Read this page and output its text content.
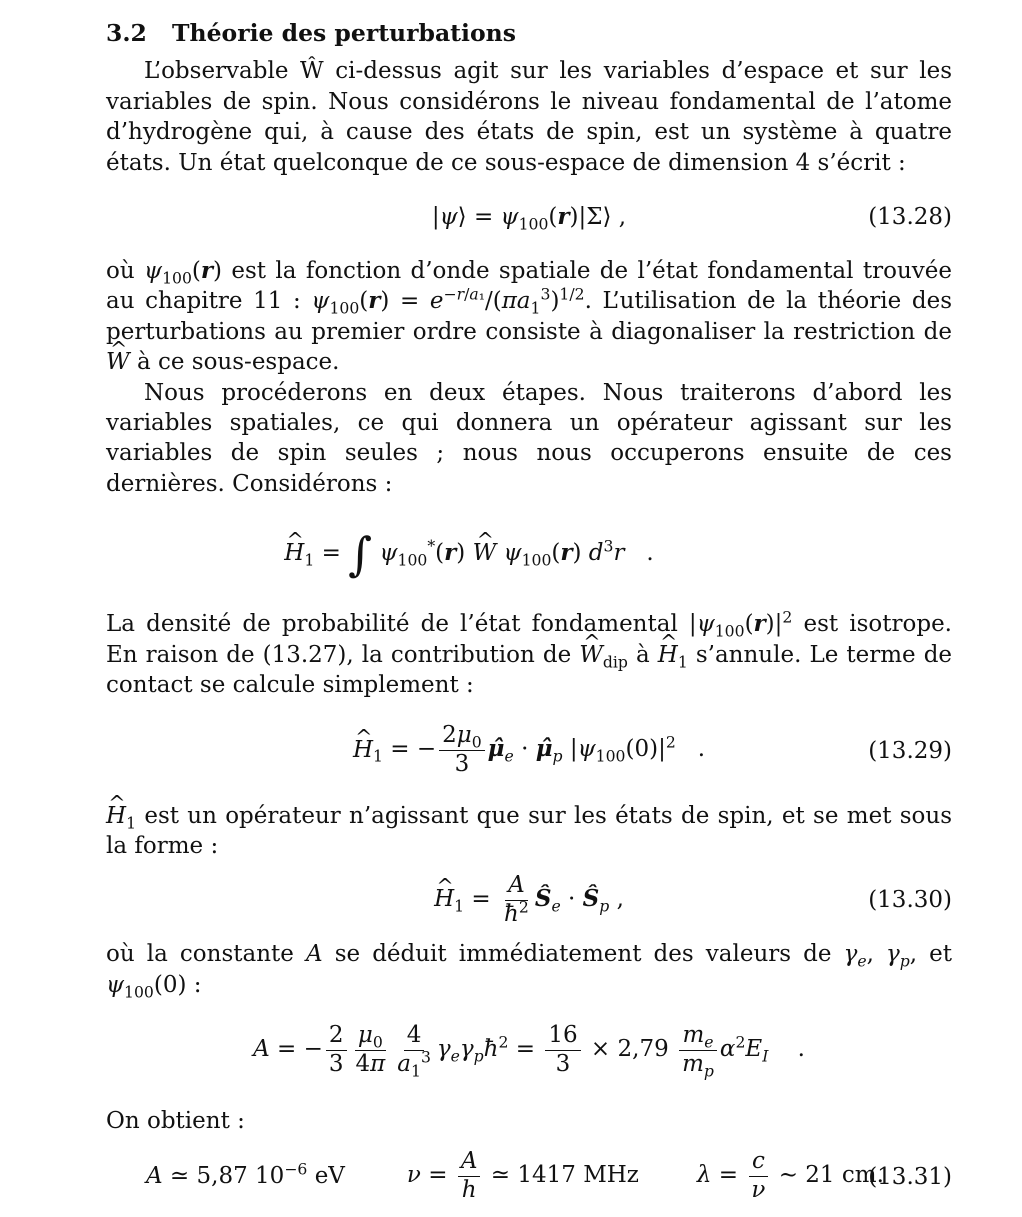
3.2 Théorie des perturbations

L’observable Ŵ ci-dessus agit sur les variables d’espace et sur les variables de spin. Nous considérons le niveau fondamental de l’atome d’hydrogène qui, à cause des états de spin, est un système à quatre états. Un état quelconque de ce sous-espace de dimension 4 s’écrit :

|ψ⟩ = $\psi_{100}(r)|\Sigma⟩$ ,	(13.28)

où $\psi_{100}(r)$ est la fonction d’onde spatiale de l’état fondamental trouvée au chapitre 11 : $\psi_{100}(r) = e^{-r/a_1}/(\pi a_1^3)^{1/2}$. L’utilisation de la théorie des perturbations au premier ordre consiste à diagonaliser la restriction de ^ W à ce sous-espace.

Nous procéderons en deux étapes. Nous traiterons d’abord les variables spatiales, ce qui donnera un opérateur agissant sur les variables de spin seules ; nous nous occuperons ensuite de ces dernières. Considérons :

^ $H_1$ = ∫ $\psi_{100}^*(r)$ ^ W $\psi_{100}(r)$ $d^3r$   .

La densité de probabilité de l’état fondamental $|\psi_{100}(r)|^2$ est isotrope. En raison de (13.27), la contribution de ^ $W_{dip}$ à ^ $H_1$ s’annule. Le terme de contact se calcule simplement :

^ $H_1$ = − $\frac{2\mu_0}{3}$ $\mû_e$ · $\mû_p$ $|\psi_{100}(0)|^2$   .	(13.29)

^ $H_1$ est un opérateur n’agissant que sur les états de spin, et se met sous la forme :

^ $H_1 = \frac{A}{ħ^2}$ $Ŝ_e$ · $Ŝ_p$ ,	(13.30)

où la constante A se déduit immédiatement des valeurs de $\gamma_e$, $\gamma_p$, et $\psi_{100}(0)$ :

A = − $\frac{2}{3} \frac{\mu_0}{4\pi} \frac{4}{a_1^3}$ $\gamma_e\gamma_pħ^2 = \frac{16}{3} \times 2,79 \frac{m_e}{m_p} \alpha^2E_I$    .

On obtient :

A ≃ 5,87 $10^{-6}$ eV	$\nu = \frac{A}{h}$ ≃ 1417 MHz	$\lambda = \frac{c}{\nu}$ ∼ 21 cm.
(13.31)
